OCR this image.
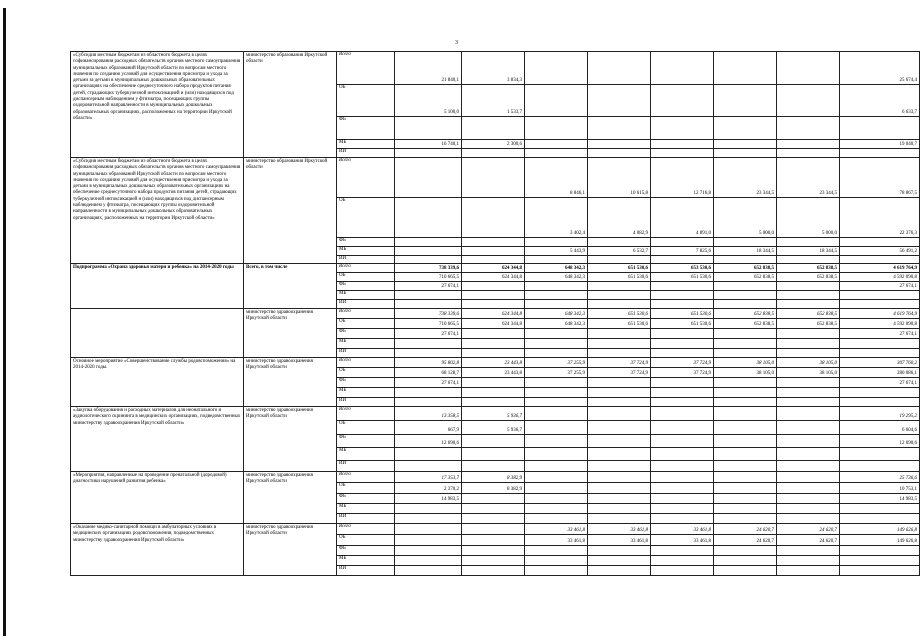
3
«Субсидия местным бюджетам из областного бюджета в целях софинансирования расходных обязательств органов местного самоуправления муниципальных образований Иркутской области по вопросам местного значения по созданию условий для осуществления присмотра и ухода за детьми за детьми в муниципальных дошкольных образовательных организациях на обеспечение среднесуточного набора продуктов питания детей, страдающих туберкулезной интоксикацией и (или) находящихся под диспансерным наблюдением у фтизиатра, посещающих группы оздоровительной направленности в муниципальных дошкольных образовательных организациях, расположенных на территории Иркутской области»	министерство образования Иркутской области	Всего	21 840,1	3 834,3						25 674,4
		ОБ	5 100,0	1 533,7						6 633,7
		ФБ								
		МБ	16 740,1	2 300,6						19 040,7
		ИИ								
«Субсидия местным бюджетам из областного бюджета в целях софинансирования расходных обязательств органов местного самоуправления муниципальных образований Иркутской области по вопросам местного значения по созданию условий для осуществления присмотра и ухода за детьми в муниципальных дошкольных образовательных организациях на обеспечение среднесуточного набора продуктов питания детей, страдающих туберкулезной интоксикацией и (или) находящихся под диспансерным наблюдением у фтизиатра, посещающих группы оздоровительной направленности в муниципальных дошкольных образовательных организациях, расположенных на территории Иркутской области»	министерство образования Иркутской области	Всего			8 846,1	10 615,8	12 716,8	23 344,5	23 344,5	78 867,5
		ОБ			3 402,4	4 082,9	4 891,0	5 000,0	5 000,0	22 376,3
		ФБ								
		МБ			5 443,9	6 532,7	7 825,6	18 344,5	18 344,5	56 491,2
		ИИ								
Подпрограмма «Охрана здоровья матери и ребенка» на 2014-2020 годы	Всего, в том числе	Всего	738 339,6	624 344,8	648 342,3	651 530,6	653 530,6	652 838,5	652 838,5	4 619 764,9
		ОБ	710 665,5	624 344,8	648 342,3	651 530,6	651 530,6	652 838,5	652 838,5	4 592 090,8
		ФБ	27 674,1							27 674,1
		МБ								
		ИИ								
	министерство здравоохранения Иркутской области	Всего	738 339,6	624 344,8	648 342,3	651 530,6	651 530,6	652 838,5	652 838,5	4 619 764,9
		ОБ	710 665,5	624 344,8	648 342,3	651 530,6	651 530,6	652 838,5	652 838,5	4 592 090,8
		ФБ	27 674,1							27 674,1
		МБ								
		ИИ								
Основное мероприятие «Совершенствование службы родовспоможения» на 2014-2020 годы.	министерство здравоохранения Иркутской области	Всего	95 802,8	23 443,8	37 255,9	37 724,9	37 724,9	38 105,0	38 105,0	307 760,2
		ОБ	68 128,7	23 443,8	37 255,9	37 724,9	37 724,9	38 105,0	38 105,0	280 086,1
		ФБ	27 674,1							27 674,1
		МБ								
		ИИ								
«Закупка оборудования и расходных материалов для неонатального и аудиологического скрининга в медицинских организациях, подведомственных министерству здравоохранения Иркутской области»	министерство здравоохранения Иркутской области	Всего	13 358,5	5 936,7						19 295,2
		ОБ	667,9	5 936,7						6 604,6
		ФБ	12 690,6							12 690,6
		МБ								
		ИИ								
«Мероприятия, направленные на проведение пренатальной (дородовой) диагностики нарушений развития ребенка»	министерство здравоохранения Иркутской области	Всего	17 353,7	8 382,9						25 736,6
		ОБ	2 370,2	8 382,9						10 753,1
		ФБ	14 983,5							14 983,5
		МБ								
		ИИ								
«Оказание медико-санитарной помощи в амбулаторных условиях в медицинских организациях родовспоможения, подведомственных министерству здравоохранения Иркутской области»	министерство здравоохранения Иркутской области	Всего			33 461,8	33 461,8	33 461,8	24 620,7	24 620,7	149 626,8
		ОБ			33 461,8	33 461,8	33 461,8	24 620,7	24 620,7	149 626,8
		ФБ								
		МБ								
		ИИ								
